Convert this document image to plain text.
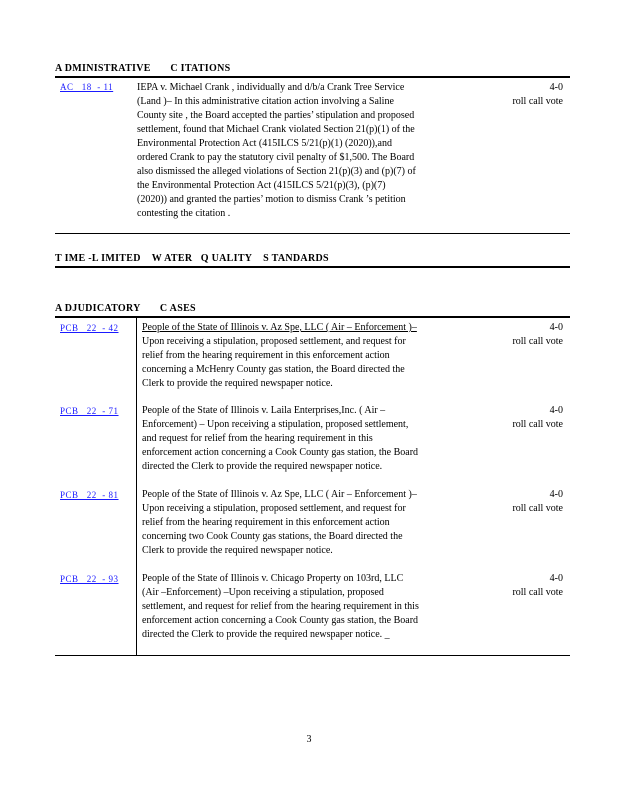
A DMINISTRATIVE       C ITATIONS
AC   18  - 11 IEPA v. Michael Crank , individually and d/b/a Crank Tree Service
(Land )– In this administrative citation action involving a Saline
County site , the Board accepted the parties’ stipulation and proposed
settlement, found that Michael Crank violated Section 21(p)(1) of the
Environmental Protection Act (415ILCS 5/21(p)(1) (2020)),and
ordered Crank to pay the statutory civil penalty of $1,500. The Board
also dismissed the alleged violations of Section 21(p)(3) and (p)(7) of
the Environmental Protection Act (415ILCS 5/21(p)(3), (p)(7)
(2020)) and granted the parties’ motion to dismiss Crank ’s petition
contesting the citation .
4-0
roll call vote
T IME -L IMITED    W ATER   Q UALITY    S TANDARDS
A DJUDICATORY       C ASES
PCB   22  - 42 People of the State of Illinois v. Az Spe, LLC ( Air – Enforcement )–
Upon receiving a stipulation, proposed settlement, and request for
relief from the hearing requirement in this enforcement action
concerning a McHenry County gas station, the Board directed the
Clerk to provide the required newspaper notice.
4-0
roll call vote
PCB   22  - 71 People of the State of Illinois v. Laila Enterprises,Inc. ( Air –
Enforcement) – Upon receiving a stipulation, proposed settlement,
and request for relief from the hearing requirement in this
enforcement action concerning a Cook County gas station, the Board
directed the Clerk to provide the required newspaper notice.
4-0
roll call vote
PCB   22  - 81 People of the State of Illinois v. Az Spe, LLC ( Air – Enforcement )–
Upon receiving a stipulation, proposed settlement, and request for
relief from the hearing requirement in this enforcement action
concerning two Cook County gas stations, the Board directed the
Clerk to provide the required newspaper notice.
4-0
roll call vote
PCB   22  - 93 People of the State of Illinois v. Chicago Property on 103rd, LLC
(Air –Enforcement) –Upon receiving a stipulation, proposed
settlement, and request for relief from the hearing requirement in this
enforcement action concerning a Cook County gas station, the Board
directed the Clerk to provide the required newspaper notice. _
4-0
roll call vote
3
